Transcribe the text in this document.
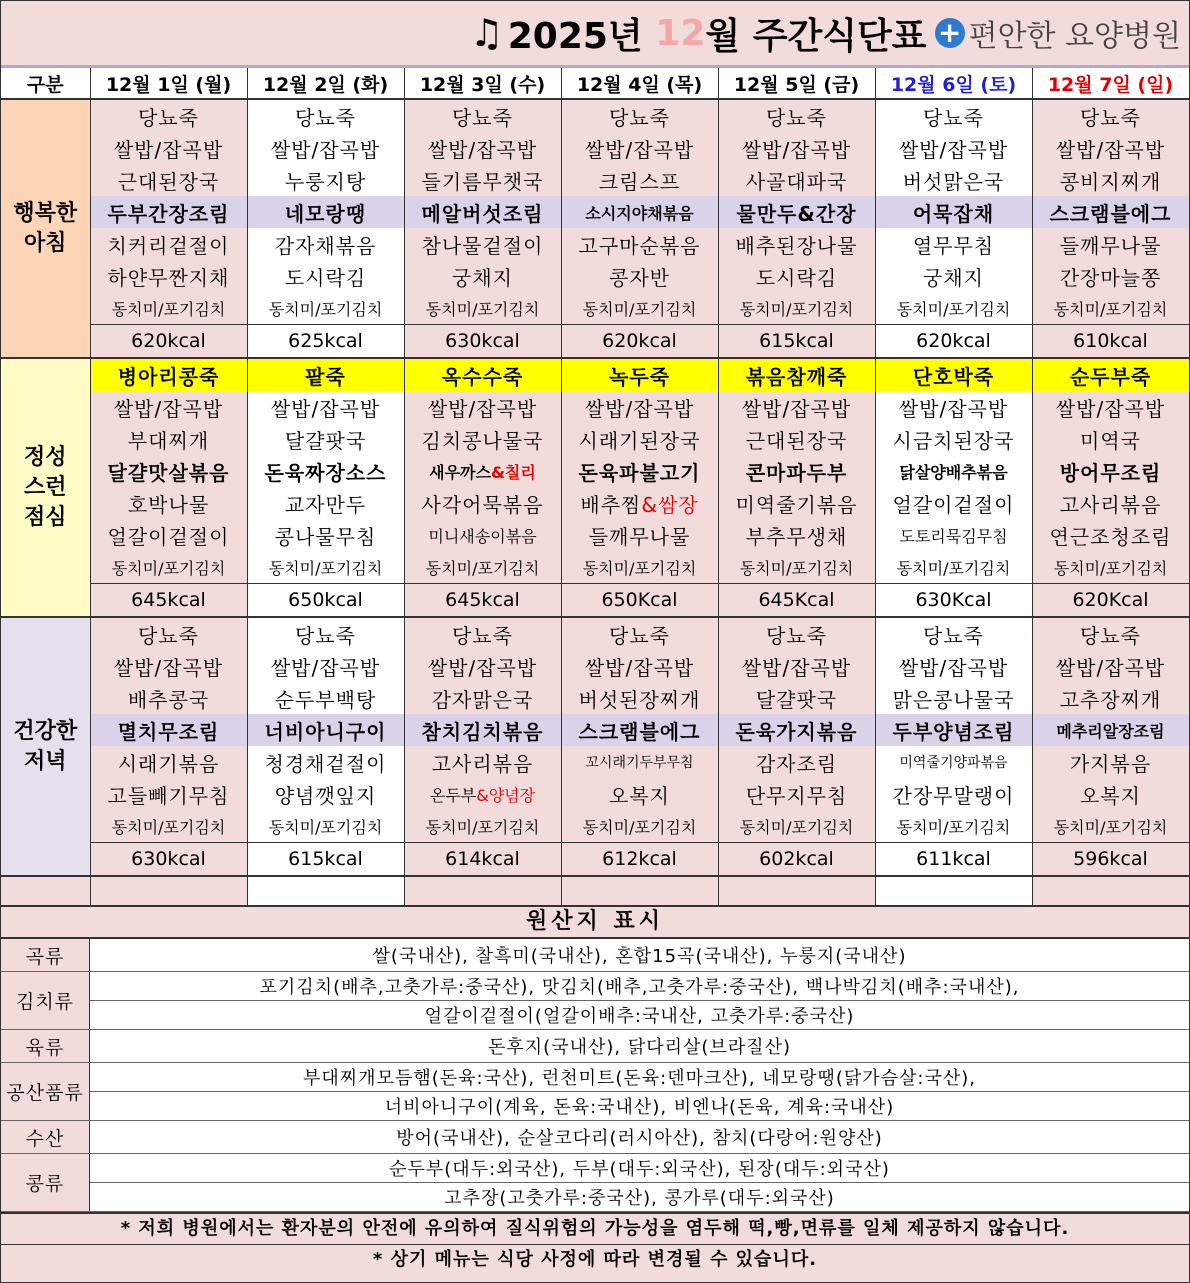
♫ 2025년
12 월
주간식단표 + 편안한 요양병원
구분	12월 1일 (월)	12월 2일 (화)	12월 3일 (수)	12월 4일 (목)	12월 5일 (금)	12월 6일 (토)	12월 7일 (일)
행복한
아침	당뇨죽	당뇨죽	당뇨죽	당뇨죽	당뇨죽	당뇨죽	당뇨죽
	쌀밥/잡곡밥	쌀밥/잡곡밥	쌀밥/잡곡밥	쌀밥/잡곡밥	쌀밥/잡곡밥	쌀밥/잡곡밥	쌀밥/잡곡밥
	근대된장국	누룽지탕	들기름무챗국	크림스프	사골대파국	버섯맑은국	콩비지찌개
	두부간장조림	네모랑땡	메알버섯조림	소시지야채볶음	물만두&간장	어묵잡채	스크램블에그
	치커리겉절이	감자채볶음	참나물겉절이	고구마순볶음	배추된장나물	열무무침	들깨무나물
	하얀무짠지채	도시락김	궁채지	콩자반	도시락김	궁채지	간장마늘쫑
	동치미/포기김치	동치미/포기김치	동치미/포기김치	동치미/포기김치	동치미/포기김치	동치미/포기김치	동치미/포기김치
	620kcal	625kcal	630kcal	620kcal	615kcal	620kcal	610kcal
정성
스런
점심	병아리콩죽	팥죽	옥수수죽	녹두죽	볶음참깨죽	단호박죽	순두부죽
	쌀밥/잡곡밥	쌀밥/잡곡밥	쌀밥/잡곡밥	쌀밥/잡곡밥	쌀밥/잡곡밥	쌀밥/잡곡밥	쌀밥/잡곡밥
	부대찌개	달걀팟국	김치콩나물국	시래기된장국	근대된장국	시금치된장국	미역국
	달걀맛살볶음	돈육짜장소스	새우까스&칠리	돈육파불고기	콘마파두부	닭살양배추볶음	방어무조림
	호박나물	교자만두	사각어묵볶음	배추찜&쌈장	미역줄기볶음	얼갈이겉절이	고사리볶음
	얼갈이겉절이	콩나물무침	미니새송이볶음	들깨무나물	부추무생채	도토리묵김무침	연근조청조림
	동치미/포기김치	동치미/포기김치	동치미/포기김치	동치미/포기김치	동치미/포기김치	동치미/포기김치	동치미/포기김치
	645kcal	650kcal	645kcal	650Kcal	645Kcal	630Kcal	620Kcal
건강한
저녁	당뇨죽	당뇨죽	당뇨죽	당뇨죽	당뇨죽	당뇨죽	당뇨죽
	쌀밥/잡곡밥	쌀밥/잡곡밥	쌀밥/잡곡밥	쌀밥/잡곡밥	쌀밥/잡곡밥	쌀밥/잡곡밥	쌀밥/잡곡밥
	배추콩국	순두부백탕	감자맑은국	버섯된장찌개	달걀팟국	맑은콩나물국	고추장찌개
	멸치무조림	너비아니구이	참치김치볶음	스크램블에그	돈육가지볶음	두부양념조림	메추리알장조림
	시래기볶음	청경채겉절이	고사리볶음	꼬시래기두부무침	감자조림	미역줄기양파볶음	가지볶음
	고들빼기무침	양념깻잎지	온두부&양념장	오복지	단무지무침	간장무말랭이	오복지
	동치미/포기김치	동치미/포기김치	동치미/포기김치	동치미/포기김치	동치미/포기김치	동치미/포기김치	동치미/포기김치
	630kcal	615kcal	614kcal	612kcal	602kcal	611kcal	596kcal

원산지 표시
곡류	쌀(국내산), 찰흑미(국내산), 혼합15곡(국내산), 누룽지(국내산)
김치류	포기김치(배추,고춧가루:중국산), 맛김치(배추,고춧가루:중국산), 백나박김치(배추:국내산),
	얼갈이겉절이(얼갈이배추:국내산, 고춧가루:중국산)
육류	돈후지(국내산), 닭다리살(브라질산)
공산품류	부대찌개모듬햄(돈육:국산), 런천미트(돈육:덴마크산), 네모랑땡(닭가슴살:국산),
	너비아니구이(계육, 돈육:국내산), 비엔나(돈육, 계육:국내산)
수산	방어(국내산), 순살코다리(러시아산), 참치(다랑어:원양산)
콩류	순두부(대두:외국산), 두부(대두:외국산), 된장(대두:외국산)
	고추장(고춧가루:중국산), 콩가루(대두:외국산)
* 저희 병원에서는 환자분의 안전에 유의하여 질식위험의 가능성을 염두해 떡,빵,면류를 일체 제공하지 않습니다.
* 상기 메뉴는 식당 사정에 따라 변경될 수 있습니다.
